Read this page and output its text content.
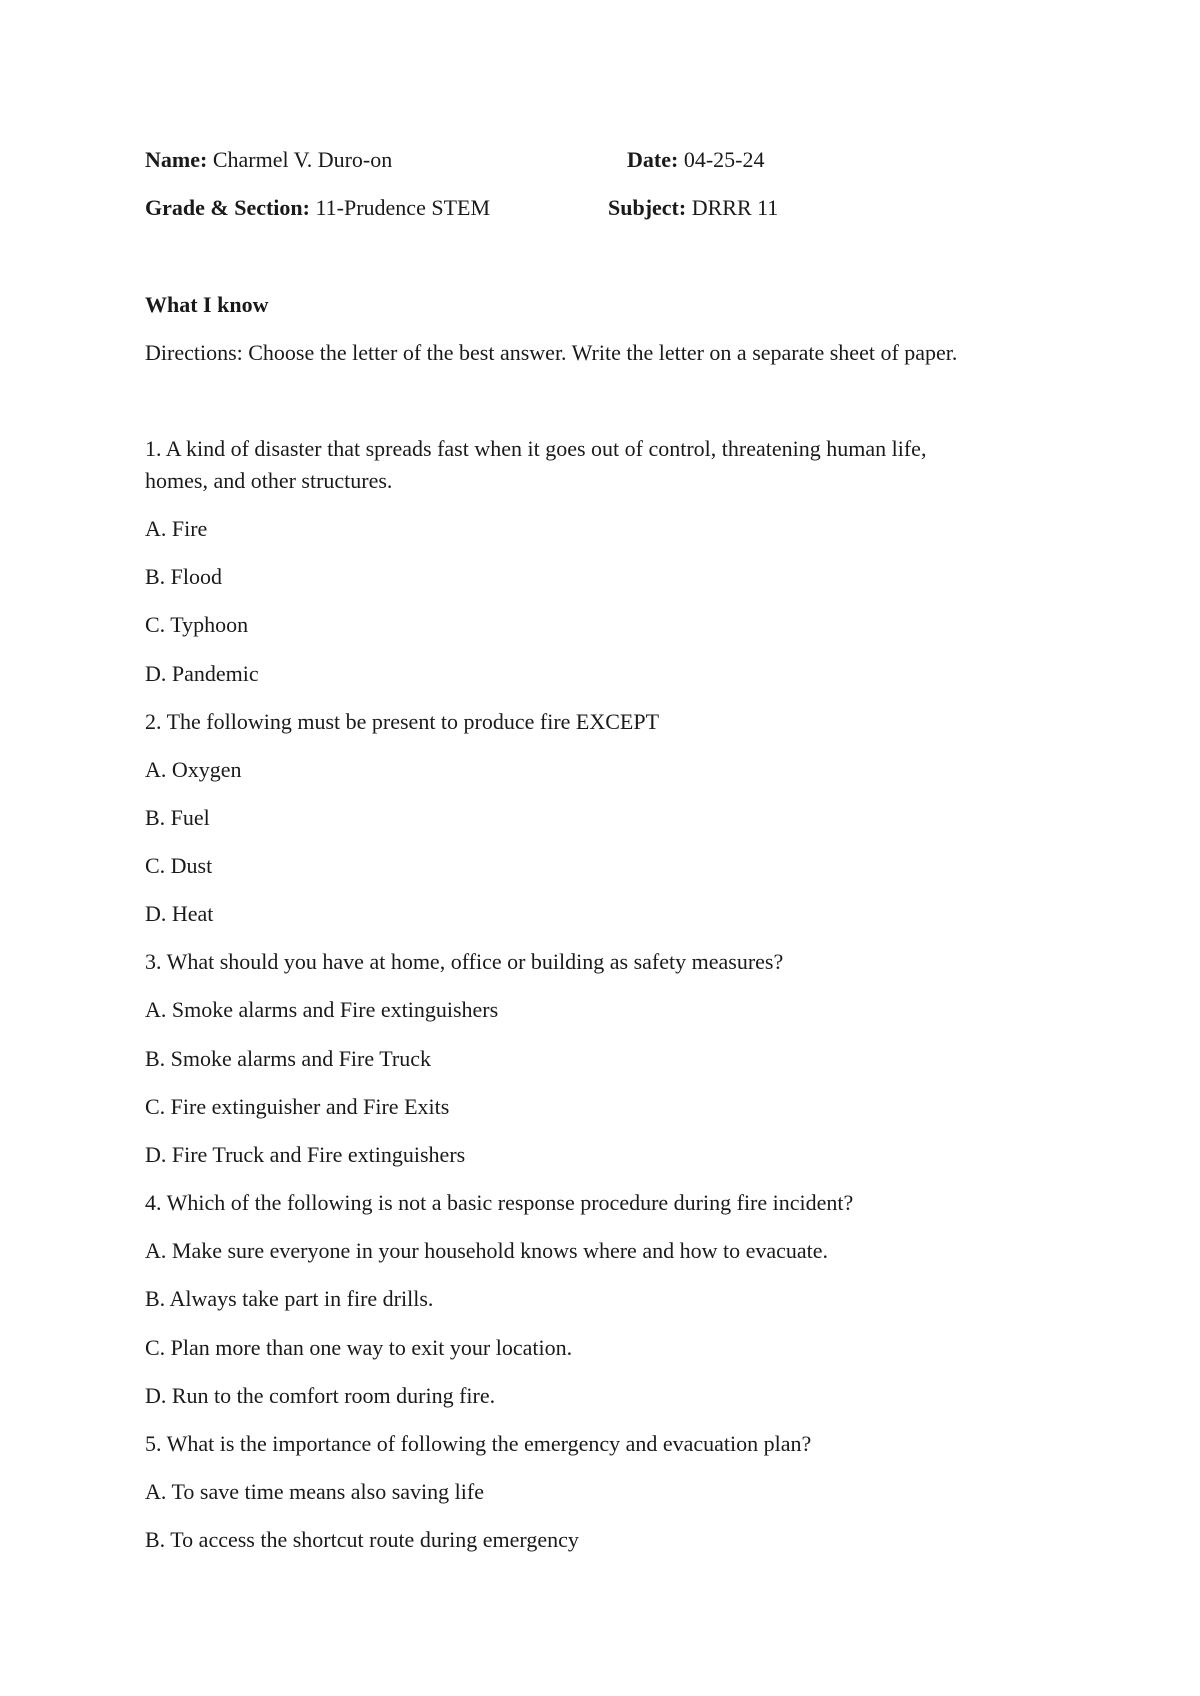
Name: Charmel V. Duro-on	Date: 04-25-24
Grade & Section: 11-Prudence STEM	Subject: DRRR 11
What I know
Directions: Choose the letter of the best answer. Write the letter on a separate sheet of paper.
1. A kind of disaster that spreads fast when it goes out of control, threatening human life,
homes, and other structures.
A. Fire
B. Flood
C. Typhoon
D. Pandemic
2. The following must be present to produce fire EXCEPT
A. Oxygen
B. Fuel
C. Dust
D. Heat
3. What should you have at home, office or building as safety measures?
A. Smoke alarms and Fire extinguishers
B. Smoke alarms and Fire Truck
C. Fire extinguisher and Fire Exits
D. Fire Truck and Fire extinguishers
4. Which of the following is not a basic response procedure during fire incident?
A. Make sure everyone in your household knows where and how to evacuate.
B. Always take part in fire drills.
C. Plan more than one way to exit your location.
D. Run to the comfort room during fire.
5. What is the importance of following the emergency and evacuation plan?
A. To save time means also saving life
B. To access the shortcut route during emergency
